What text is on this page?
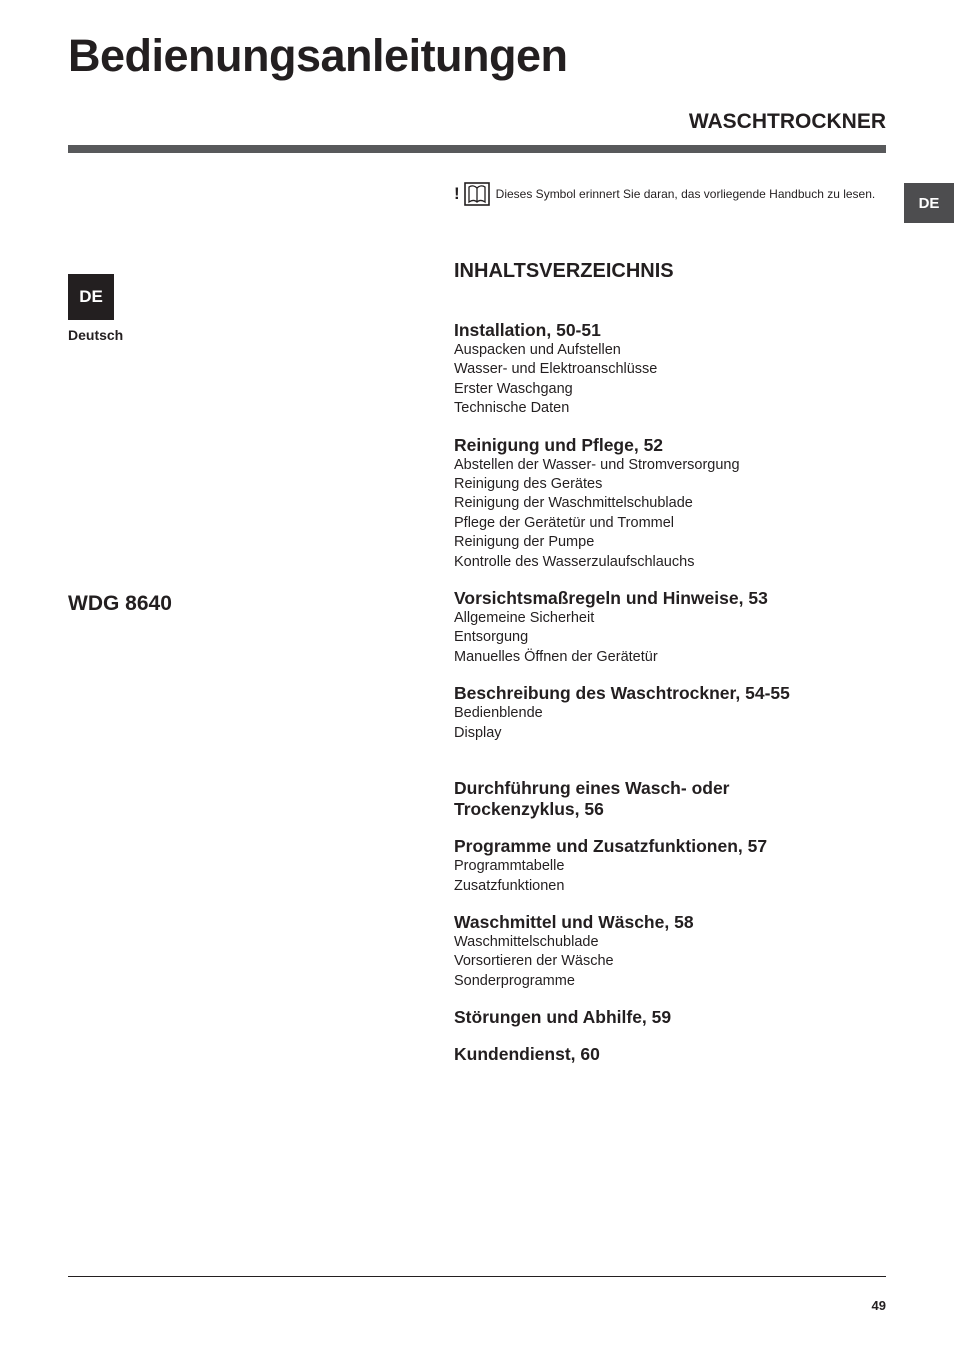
Bedienungsanleitungen
WASCHTROCKNER
!	Dieses Symbol erinnert Sie daran, das vorliegende Handbuch zu lesen.
DE
DE
Deutsch
WDG 8640
INHALTSVERZEICHNIS
Installation, 50-51
Auspacken und Aufstellen
Wasser- und Elektroanschlüsse
Erster Waschgang
Technische Daten
Reinigung und Pflege, 52
Abstellen der Wasser- und Stromversorgung
Reinigung des Gerätes
Reinigung der Waschmittelschublade
Pflege der Gerätetür und Trommel
Reinigung der Pumpe
Kontrolle des Wasserzulaufschlauchs
Vorsichtsmaßregeln und Hinweise, 53
Allgemeine Sicherheit
Entsorgung
Manuelles Öffnen der Gerätetür
Beschreibung des Waschtrockner, 54-55
Bedienblende
Display
Durchführung eines Wasch- oder
Trockenzyklus, 56
Programme und Zusatzfunktionen, 57
Programmtabelle
Zusatzfunktionen
Waschmittel und Wäsche, 58
Waschmittelschublade
Vorsortieren der Wäsche
Sonderprogramme
Störungen und Abhilfe, 59
Kundendienst, 60
49
